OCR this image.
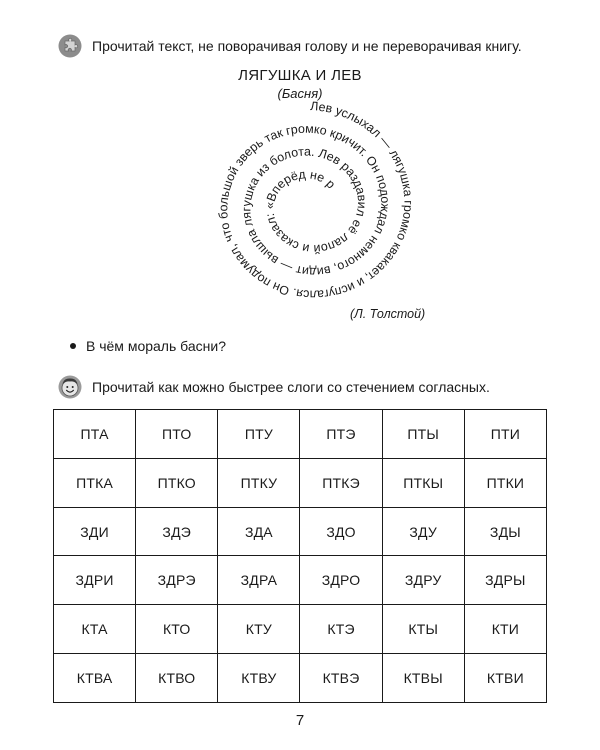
Прочитай текст, не поворачивая голову и не переворачивая книгу.
ЛЯГУШКА И ЛЕВ
(Басня)
Лев услыхал — лягушка громко квакает, и испугался. Он подумал, что большой зверь так громко кричит. Он подождал немного, видит — вышла лягушка из болота. Лев раздавил её лапой и сказал: «Вперёд не рассмотревши, не буду пугаться».
(Л. Толстой)
В чём мораль басни?
Прочитай как можно быстрее слоги со стечением согласных.
ПТА	ПТО	ПТУ	ПТЭ	ПТЫ	ПТИ
ПТКА	ПТКО	ПТКУ	ПТКЭ	ПТКЫ	ПТКИ
ЗДИ	ЗДЭ	ЗДА	ЗДО	ЗДУ	ЗДЫ
ЗДРИ	ЗДРЭ	ЗДРА	ЗДРО	ЗДРУ	ЗДРЫ
КТА	КТО	КТУ	КТЭ	КТЫ	КТИ
КТВА	КТВО	КТВУ	КТВЭ	КТВЫ	КТВИ
7
